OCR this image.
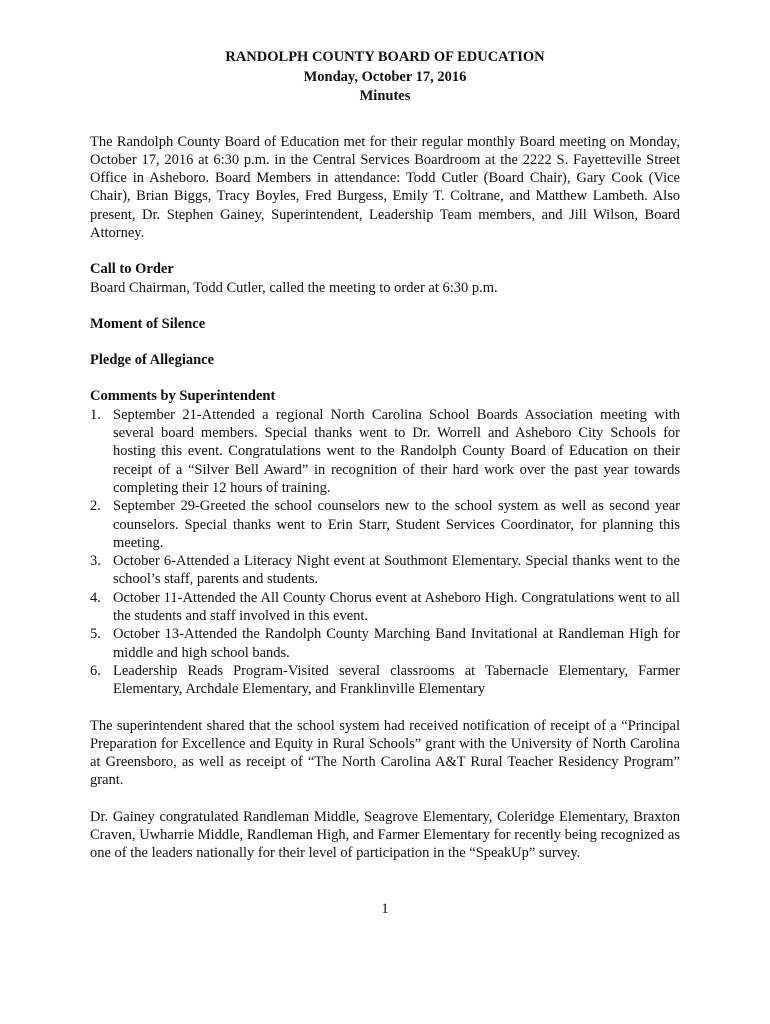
RANDOLPH COUNTY BOARD OF EDUCATION
Monday, October 17, 2016
Minutes

The Randolph County Board of Education met for their regular monthly Board meeting on Monday, October 17, 2016 at 6:30 p.m. in the Central Services Boardroom at the 2222 S. Fayetteville Street Office in Asheboro. Board Members in attendance: Todd Cutler (Board Chair), Gary Cook (Vice Chair), Brian Biggs, Tracy Boyles, Fred Burgess, Emily T. Coltrane, and Matthew Lambeth. Also present, Dr. Stephen Gainey, Superintendent, Leadership Team members, and Jill Wilson, Board Attorney.

Call to Order

Board Chairman, Todd Cutler, called the meeting to order at 6:30 p.m.

Moment of Silence
Pledge of Allegiance
Comments by Superintendent
1. September 21-Attended a regional North Carolina School Boards Association meeting with several board members. Special thanks went to Dr. Worrell and Asheboro City Schools for hosting this event. Congratulations went to the Randolph County Board of Education on their receipt of a “Silver Bell Award” in recognition of their hard work over the past year towards completing their 12 hours of training.
2. September 29-Greeted the school counselors new to the school system as well as second year counselors. Special thanks went to Erin Starr, Student Services Coordinator, for planning this meeting.
3. October 6-Attended a Literacy Night event at Southmont Elementary. Special thanks went to the school’s staff, parents and students.
4. October 11-Attended the All County Chorus event at Asheboro High. Congratulations went to all the students and staff involved in this event.
5. October 13-Attended the Randolph County Marching Band Invitational at Randleman High for middle and high school bands.
6. Leadership Reads Program-Visited several classrooms at Tabernacle Elementary, Farmer Elementary, Archdale Elementary, and Franklinville Elementary

The superintendent shared that the school system had received notification of receipt of a “Principal Preparation for Excellence and Equity in Rural Schools” grant with the University of North Carolina at Greensboro, as well as receipt of “The North Carolina A&T Rural Teacher Residency Program” grant.

Dr. Gainey congratulated Randleman Middle, Seagrove Elementary, Coleridge Elementary, Braxton Craven, Uwharrie Middle, Randleman High, and Farmer Elementary for recently being recognized as one of the leaders nationally for their level of participation in the “SpeakUp” survey.

1
